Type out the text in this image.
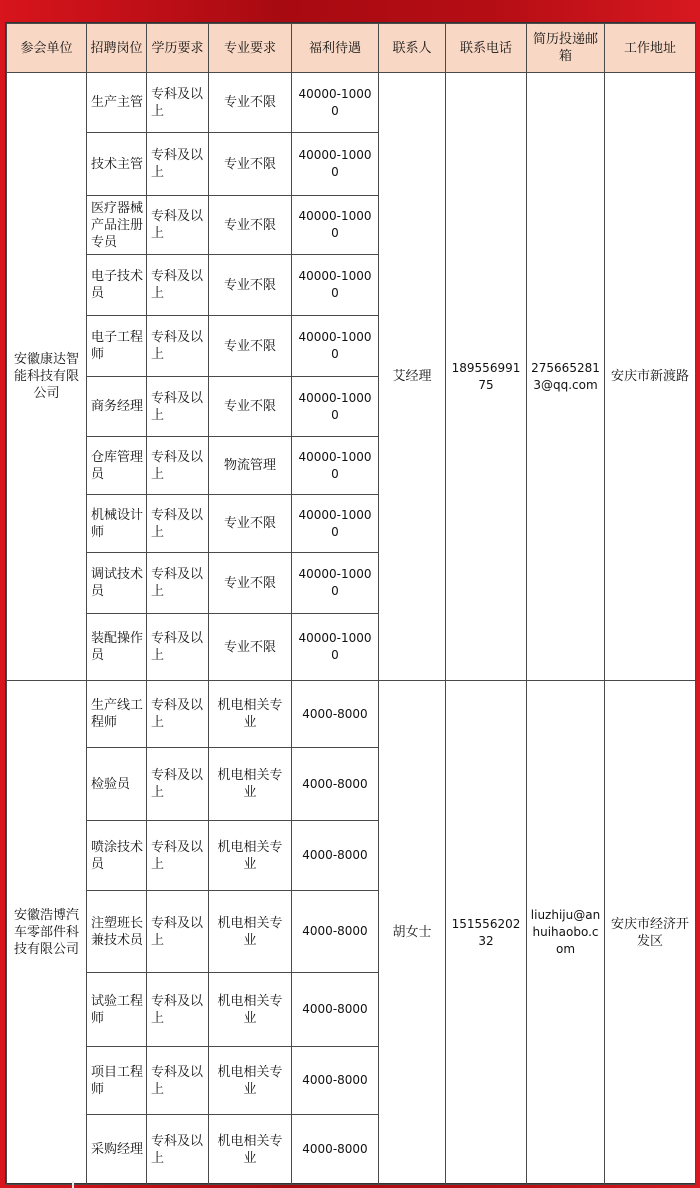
参会单位	招聘岗位	学历要求	专业要求	福利待遇	联系人	联系电话	简历投递邮箱	工作地址
安徽康达智能科技有限公司	生产主管	专科及以上	专业不限	40000-10000	艾经理	18955699175	2756652813@qq.com	安庆市新渡路
	技术主管	专科及以上	专业不限	40000-10000				
	医疗器械产品注册专员	专科及以上	专业不限	40000-10000				
	电子技术员	专科及以上	专业不限	40000-10000				
	电子工程师	专科及以上	专业不限	40000-10000				
	商务经理	专科及以上	专业不限	40000-10000				
	仓库管理员	专科及以上	物流管理	40000-10000				
	机械设计师	专科及以上	专业不限	40000-10000				
	调试技术员	专科及以上	专业不限	40000-10000				
	装配操作员	专科及以上	专业不限	40000-10000				
安徽浩博汽车零部件科技有限公司	生产线工程师	专科及以上	机电相关专业	4000-8000	胡女士	15155620232	liuzhiju@anhuihaobo.com	安庆市经济开发区
	检验员	专科及以上	机电相关专业	4000-8000				
	喷涂技术员	专科及以上	机电相关专业	4000-8000				
	注塑班长兼技术员	专科及以上	机电相关专业	4000-8000				
	试验工程师	专科及以上	机电相关专业	4000-8000				
	项目工程师	专科及以上	机电相关专业	4000-8000				
	采购经理	专科及以上	机电相关专业	4000-8000				
